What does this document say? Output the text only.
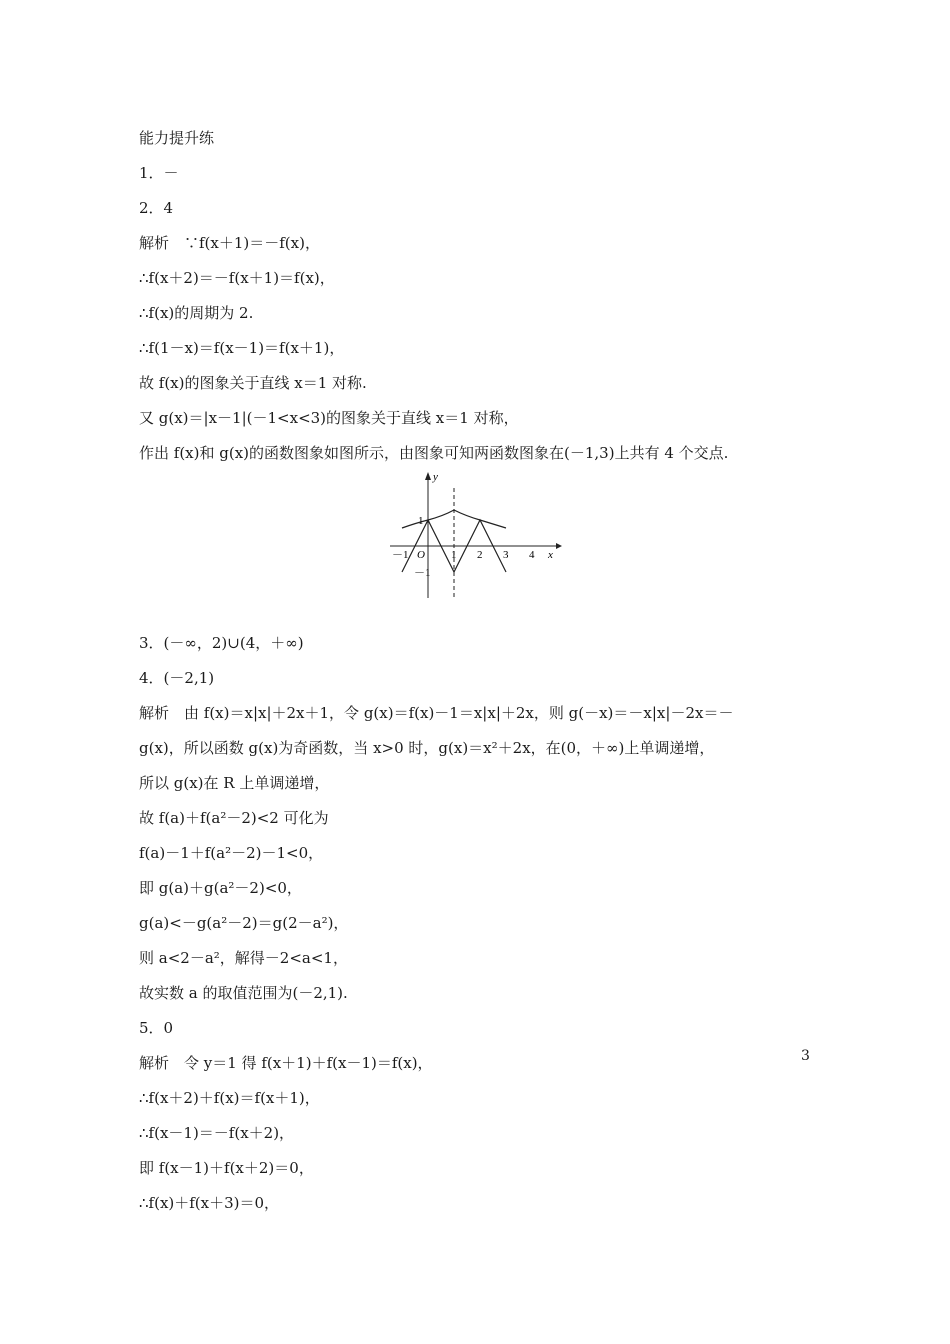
能力提升练
1．－
2．4
解析　∵f(x＋1)＝－f(x)，
∴f(x＋2)＝－f(x＋1)＝f(x)，
∴f(x)的周期为 2.
∴f(1－x)＝f(x－1)＝f(x＋1)，
故 f(x)的图象关于直线 x＝1 对称.
又 g(x)＝|x－1|(－1<x<3)的图象关于直线 x＝1 对称，
作出 f(x)和 g(x)的函数图象如图所示，由图象可知两函数图象在(－1,3)上共有 4 个交点.
3．(－∞，2)∪(4，＋∞)
4．(－2,1)
解析　由 f(x)＝x|x|＋2x＋1，令 g(x)＝f(x)－1＝x|x|＋2x，则 g(－x)＝－x|x|－2x＝－
g(x)，所以函数 g(x)为奇函数，当 x>0 时，g(x)＝x²＋2x，在(0，＋∞)上单调递增，
所以 g(x)在 R 上单调递增，
故 f(a)＋f(a²－2)<2 可化为
f(a)－1＋f(a²－2)－1<0，
即 g(a)＋g(a²－2)<0，
g(a)<－g(a²－2)＝g(2－a²)，
则 a<2－a²，解得－2<a<1，
故实数 a 的取值范围为(－2,1).
5．0
解析　令 y＝1 得 f(x＋1)＋f(x－1)＝f(x)，
∴f(x＋2)＋f(x)＝f(x＋1)，
∴f(x－1)＝－f(x＋2)，
即 f(x－1)＋f(x＋2)＝0，
∴f(x)＋f(x＋3)＝0，
y
x
O
－1	1 2 3 4
1
－1
3
